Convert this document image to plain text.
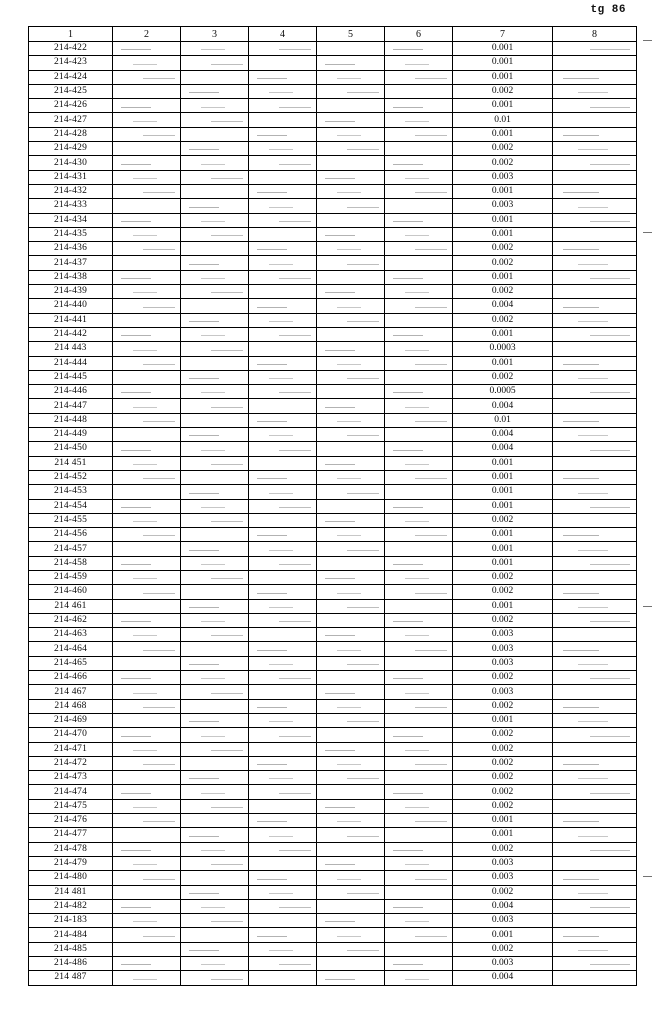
tg 86
1	2	3	4	5	6	7	8
214-422						0.001	
214-423						0.001	
214-424						0.001	
214-425						0.002	
214-426						0.001	
214-427						0.01	
214-428						0.001	
214-429						0.002	
214-430						0.002	
214-431						0.003	
214-432						0.001	
214-433						0.003	
214-434						0.001	
214-435						0.001	
214-436						0.002	
214-437						0.002	
214-438						0.001	
214-439						0.002	
214-440						0.004	
214-441						0.002	
214-442						0.001	
214 443						0.0003	
214-444						0.001	
214-445						0.002	
214-446						0.0005	
214-447						0.004	
214-448						0.01	
214-449						0.004	
214-450						0.004	
214 451						0.001	
214-452						0.001	
214-453						0.001	
214-454						0.001	
214-455						0.002	
214-456						0.001	
214-457						0.001	
214-458						0.001	
214-459						0.002	
214-460						0.002	
214 461						0.001	
214-462						0.002	
214-463						0.003	
214-464						0.003	
214-465						0.003	
214-466						0.002	
214 467						0.003	
214 468						0.002	
214-469						0.001	
214-470						0.002	
214-471						0.002	
214-472						0.002	
214-473						0.002	
214-474						0.002	
214-475						0.002	
214-476						0.001	
214-477						0.001	
214-478						0.002	
214-479						0.003	
214-480						0.003	
214 481						0.002	
214-482						0.004	
214-183						0.003	
214-484						0.001	
214-485						0.002	
214-486						0.003	
214 487						0.004	
